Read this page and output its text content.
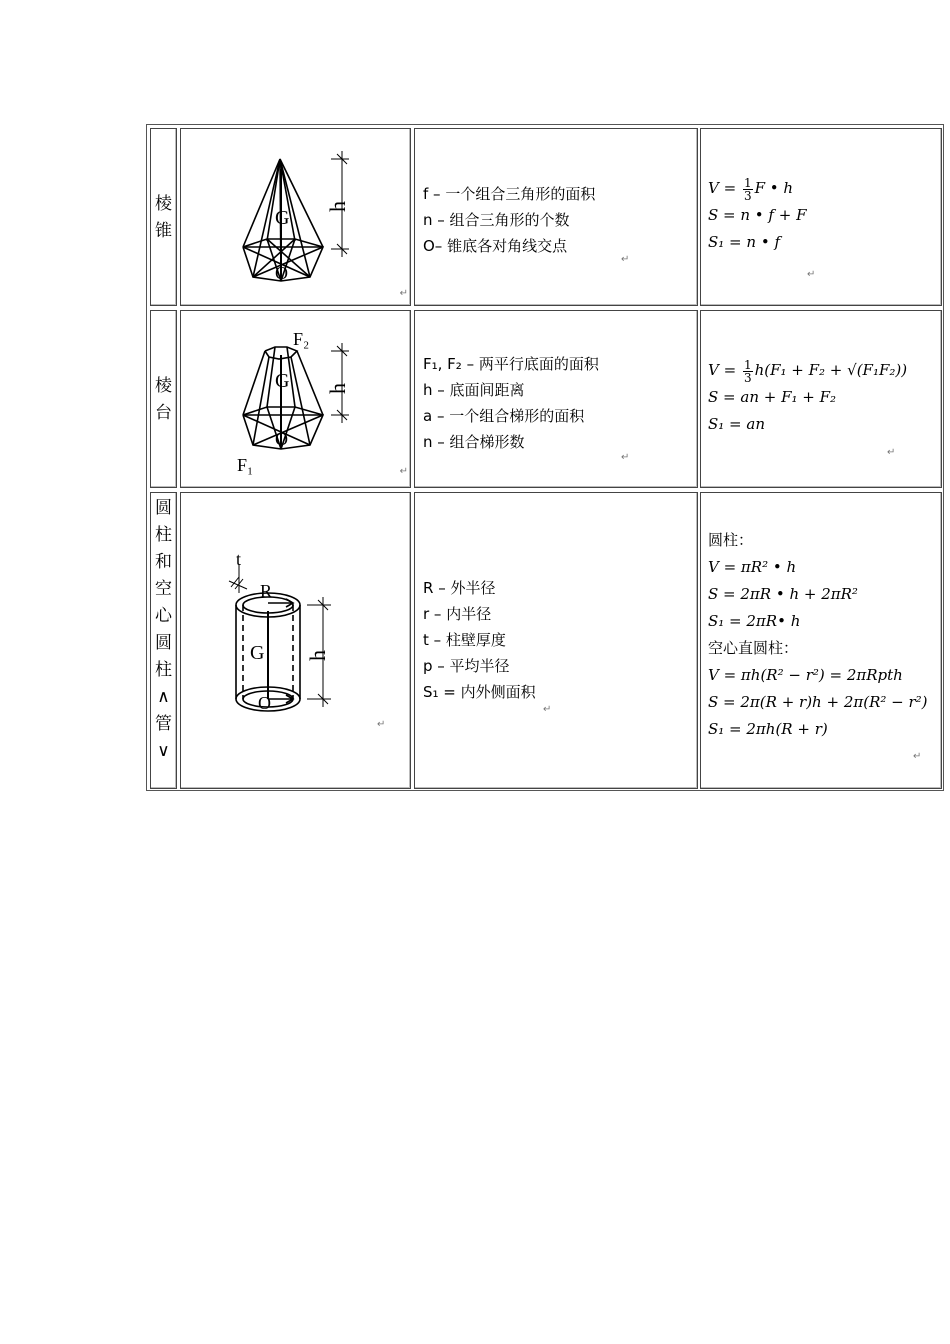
棱
锥
h
G
O
↵
f – 一个组合三角形的面积
n – 组合三角形的个数
O– 锥底各对角线交点
↵
$V = \frac{1}{3}$ F • h
S = n • f + F
S₁ = n • f
↵
棱
台
F₂
F₁
h
G
O
↵
F₁, F₂ – 两平行底面的面积
h – 底面间距离
a – 一个组合梯形的面积
n – 组合梯形数
↵
$V = \frac{1}{3} h(F_1 + F_2 + √(F_1F_2))$
S = an + F₁ + F₂
S₁ = an
↵
圆
柱
和
空
心
圆
柱
∧
管
∨
t
R
h
G
O
↵
R – 外半径
r – 内半径
t – 柱壁厚度
p – 平均半径
S₁ = 内外侧面积
↵
圆柱：
V = πR² • h
S = 2πR • h + 2πR²
S₁ = 2πR• h
空心直圆柱：
V = πh(R² − r²) = 2πRpth
S = 2π(R + r)h + 2π(R² − r²)
S₁ = 2πh(R + r)
↵
